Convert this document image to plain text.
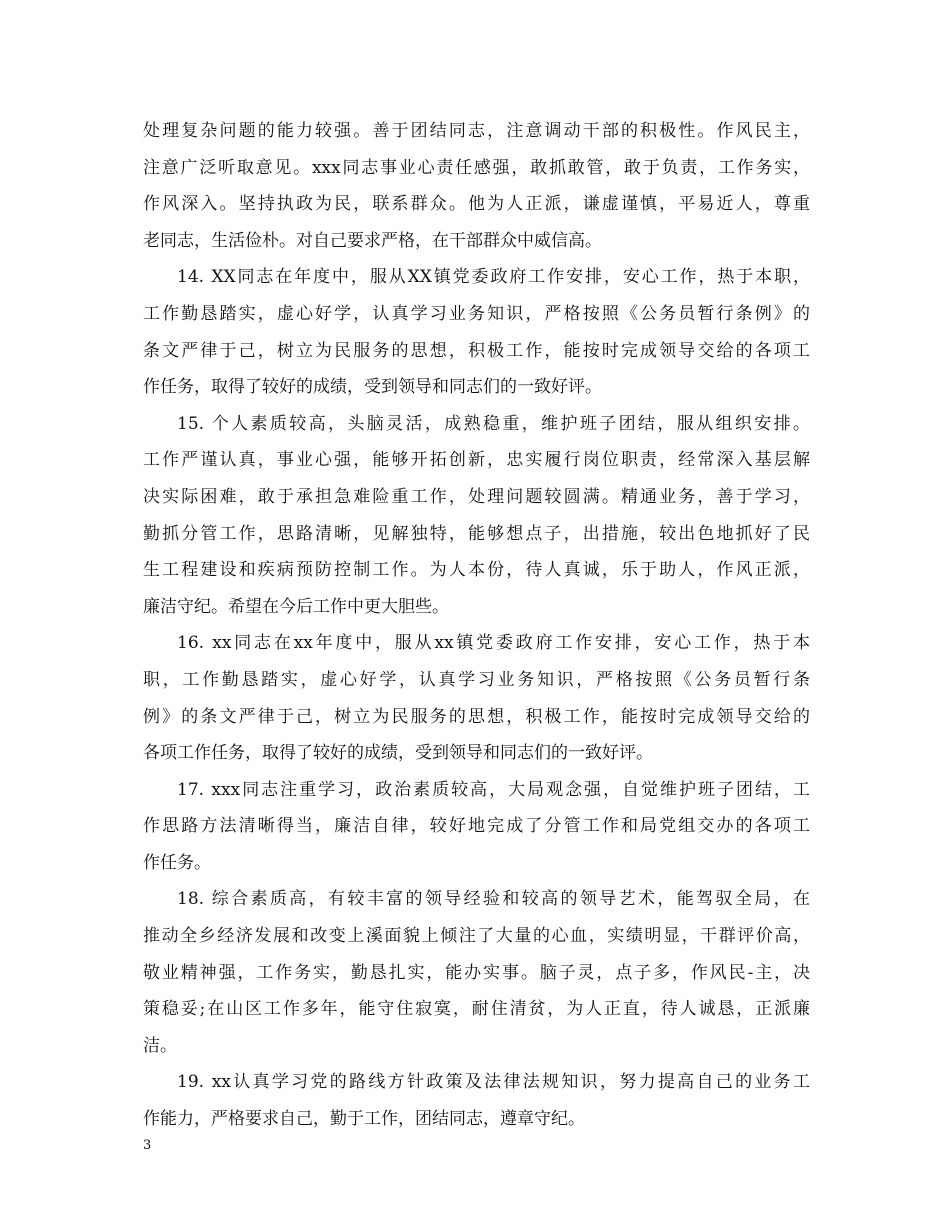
处理复杂问题的能力较强。善于团结同志，注意调动干部的积极性。作风民主，
注意广泛听取意见。xxx同志事业心责任感强，敢抓敢管，敢于负责，工作务实，
作风深入。坚持执政为民，联系群众。他为人正派，谦虚谨慎，平易近人，尊重
老同志，生活俭朴。对自己要求严格，在干部群众中威信高。
14. XX同志在年度中，服从XX镇党委政府工作安排，安心工作，热于本职，
工作勤恳踏实，虚心好学，认真学习业务知识，严格按照《公务员暂行条例》的
条文严律于己，树立为民服务的思想，积极工作，能按时完成领导交给的各项工
作任务，取得了较好的成绩，受到领导和同志们的一致好评。
15. 个人素质较高，头脑灵活，成熟稳重，维护班子团结，服从组织安排。
工作严谨认真，事业心强，能够开拓创新，忠实履行岗位职责，经常深入基层解
决实际困难，敢于承担急难险重工作，处理问题较圆满。精通业务，善于学习，
勤抓分管工作，思路清晰，见解独特，能够想点子，出措施，较出色地抓好了民
生工程建设和疾病预防控制工作。为人本份，待人真诚，乐于助人，作风正派，
廉洁守纪。希望在今后工作中更大胆些。
16. xx同志在xx年度中，服从xx镇党委政府工作安排，安心工作，热于本
职，工作勤恳踏实，虚心好学，认真学习业务知识，严格按照《公务员暂行条
例》的条文严律于己，树立为民服务的思想，积极工作，能按时完成领导交给的
各项工作任务，取得了较好的成绩，受到领导和同志们的一致好评。
17. xxx同志注重学习，政治素质较高，大局观念强，自觉维护班子团结，工
作思路方法清晰得当，廉洁自律，较好地完成了分管工作和局党组交办的各项工
作任务。
18. 综合素质高，有较丰富的领导经验和较高的领导艺术，能驾驭全局，在
推动全乡经济发展和改变上溪面貌上倾注了大量的心血，实绩明显，干群评价高，
敬业精神强，工作务实，勤恳扎实，能办实事。脑子灵，点子多，作风民-主，决
策稳妥;在山区工作多年，能守住寂寞，耐住清贫，为人正直，待人诚恳，正派廉
洁。
19. xx认真学习党的路线方针政策及法律法规知识，努力提高自己的业务工
作能力，严格要求自己，勤于工作，团结同志，遵章守纪。
3
